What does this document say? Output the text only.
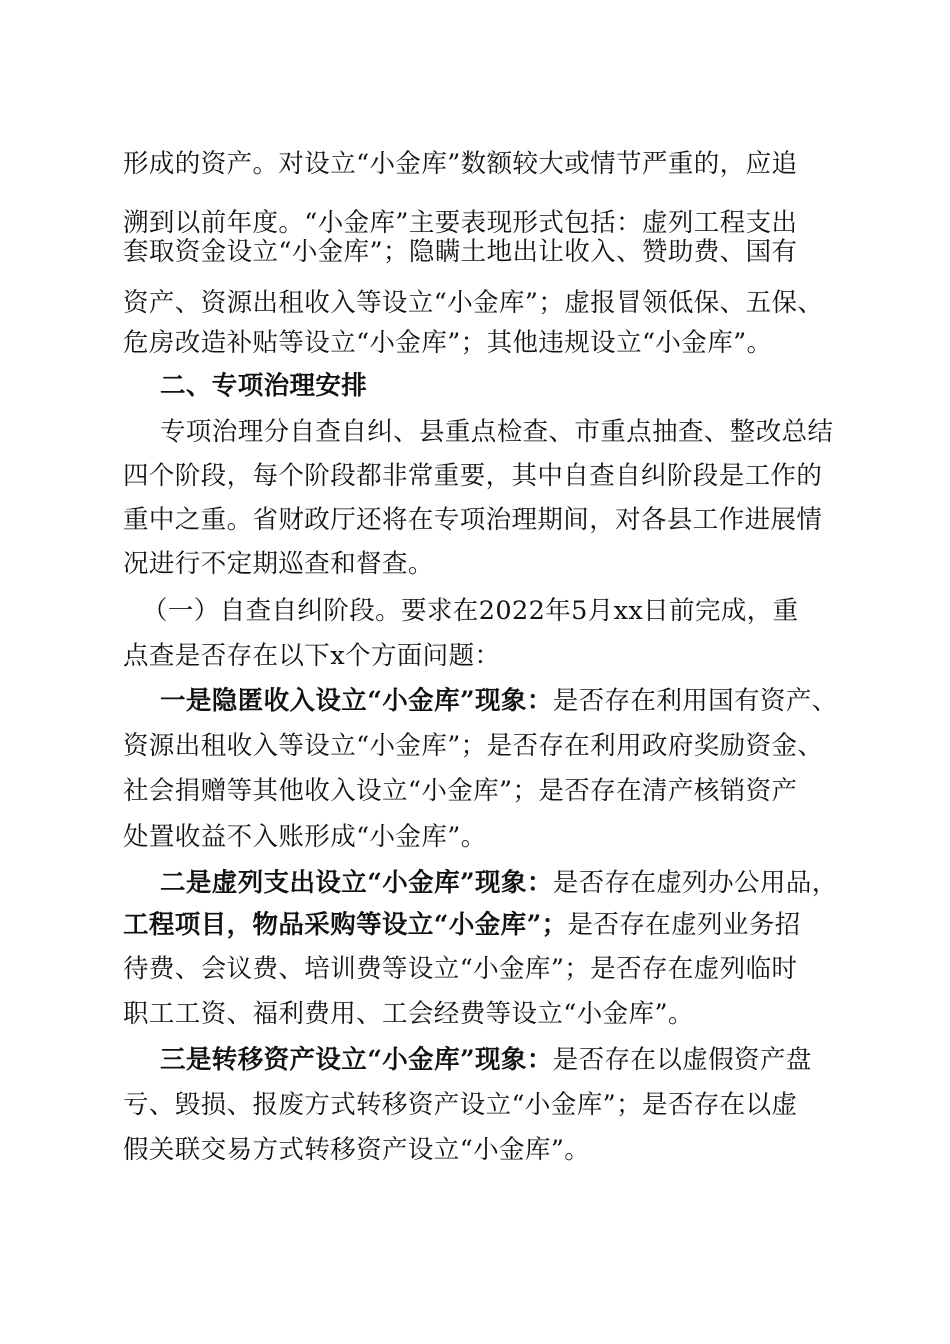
形成的资产。对设立“小金库”数额较大或情节严重的，应追
溯到以前年度。“小金库”主要表现形式包括：虚列工程支出
套取资金设立“小金库”；隐瞒土地出让收入、赞助费、国有
资产、资源出租收入等设立“小金库”；虚报冒领低保、五保、
危房改造补贴等设立“小金库”；其他违规设立“小金库”。
二、专项治理安排
专项治理分自查自纠、县重点检查、市重点抽查、整改总结
四个阶段，每个阶段都非常重要，其中自查自纠阶段是工作的
重中之重。省财政厅还将在专项治理期间，对各县工作进展情
况进行不定期巡查和督查。
（一）自查自纠阶段。要求在2022年5月xx日前完成，重
点查是否存在以下x个方面问题：
一是隐匿收入设立“小金库”现象：是否存在利用国有资产、
资源出租收入等设立“小金库”；是否存在利用政府奖励资金、
社会捐赠等其他收入设立“小金库”；是否存在清产核销资产
处置收益不入账形成“小金库”。
二是虚列支出设立“小金库”现象：是否存在虚列办公用品，
工程项目，物品采购等设立“小金库”；是否存在虚列业务招
待费、会议费、培训费等设立“小金库”；是否存在虚列临时
职工工资、福利费用、工会经费等设立“小金库”。
三是转移资产设立“小金库”现象：是否存在以虚假资产盘
亏、毁损、报废方式转移资产设立“小金库”；是否存在以虚
假关联交易方式转移资产设立“小金库”。
